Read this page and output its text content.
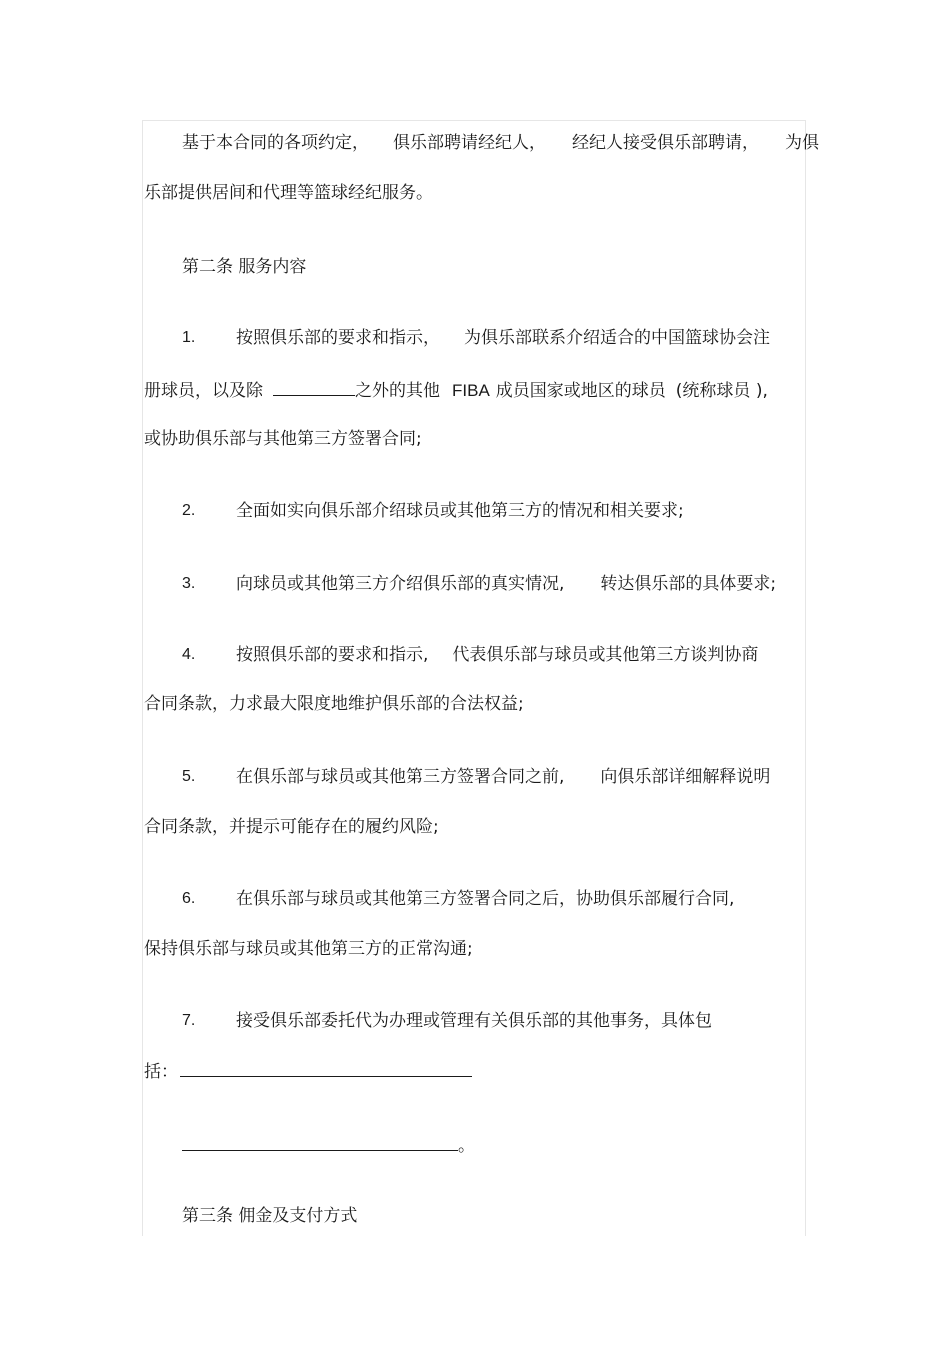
基于本合同的各项约定， 俱乐部聘请经纪人， 经纪人接受俱乐部聘请， 为俱
乐部提供居间和代理等篮球经纪服务。
第二条 服务内容
1. 按照俱乐部的要求和指示， 为俱乐部联系介绍适合的中国篮球协会注
册球员，以及除	之外的其他 FIBA 成员国家或地区的球员 (统称球员 ),
或协助俱乐部与其他第三方签署合同;
2. 全面如实向俱乐部介绍球员或其他第三方的情况和相关要求;
3. 向球员或其他第三方介绍俱乐部的真实情况, 转达俱乐部的具体要求;
4. 按照俱乐部的要求和指示, 代表俱乐部与球员或其他第三方谈判协商
合同条款，力求最大限度地维护俱乐部的合法权益;
5. 在俱乐部与球员或其他第三方签署合同之前, 向俱乐部详细解释说明
合同条款，并提示可能存在的履约风险;
6. 在俱乐部与球员或其他第三方签署合同之后，协助俱乐部履行合同,
保持俱乐部与球员或其他第三方的正常沟通;
7. 接受俱乐部委托代为办理或管理有关俱乐部的其他事务，具体包
括：
。
第三条 佣金及支付方式
